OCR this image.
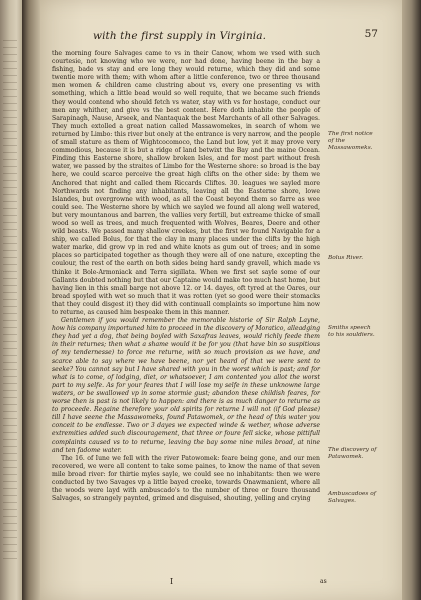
with the first supply in Virginia.	57

the morning foure Salvages came to vs in their Canow, whom we vsed with such courtesie, not knowing who we were, nor had done, having beene in the bay a fishing, bade vs stay and ere long they would returne, which they did and some twentie more with them; with whom after a little conference, two or three thousand men women & children came clustring about vs, every one presenting vs with something, which a little bead would so well requite, that we became such friends they would contend who should fetch vs water, stay with vs for hostage, conduct our men any whither, and give vs the best content. Here doth inhabite the people of Sarapinagh, Nause, Arseek, and Nantaquak the best Marchants of all other Salvages. They much extolled a great nation called Massawomekes, in search of whom we returned by Limbo: this river but onely at the entrance is very narrow, and the people of small stature as them of Wightcocomoco, the Land but low, yet it may prove very commodious, because it is but a ridge of land betwixt the Bay and the maine Ocean. Finding this Easterne shore, shallow broken Isles, and for most part without fresh water, we passed by the straites of Limbo for the Westerne shore: so broad is the bay here, we could scarce perceive the great high clifts on the other side: by them we Anchored that night and called them Riccards Cliftes. 30. leagues we sayled more Northwards not finding any inhabitants, leaving all the Easterne shore, lowe Islandes, but overgrowne with wood, as all the Coast beyond them so farre as wee could see. The Westerne shore by which we sayled we found all along well watered, but very mountanous and barren, the vallies very fertill, but extreame thicke of small wood so well as trees, and much frequented with Wolves, Beares, Deere and other wild beasts. We passed many shallow creekes, but the first we found Navigable for a ship, we called Bolus, for that the clay in many places under the clifts by the high water marke, did grow vp in red and white knots as gum out of trees; and in some places so participated together as though they were all of one nature, excepting the coulour, the rest of the earth on both sides being hard sandy gravell, which made vs thinke it Bole-Armoniack and Terra sigillata. When we first set sayle some of our Gallants doubted nothing but that our Captaine would make too much hast home, but having lien in this small barge not above 12. or 14. dayes, oft tyred at the Oares, our bread spoyled with wet so much that it was rotten (yet so good were their stomacks that they could disgest it) they did with continuall complaints so importune him now to returne, as caused him bespeake them in this manner.

Gentlemen if you would remember the memorable historie of Sir Ralph Layne, how his company importuned him to proceed in the discovery of Moratico, alleadging they had yet a dog, that being boyled with Saxafras leaves, would richly feede them in their returnes; then what a shame would it be for you (that have bin so suspitious of my tendernesse) to force me returne, with so much provision as we have, and scarce able to say where we have beene, nor yet heard of that we were sent to seeke? You cannot say but I have shared with you in the worst which is past; and for what is to come, of lodging, diet, or whatsoever, I am contented you allot the worst part to my selfe. As for your feares that I will lose my selfe in these unknowne large waters, or be swallowed vp in some stormie gust; abandon these childish feares, for worse then is past is not likely to happen: and there is as much danger to returne as to proceede. Regaine therefore your old spirits for returne I will not (if God please) till I have seene the Massawomeks, found Patawomek, or the head of this water you conceit to be endlesse. Two or 3 dayes we expected winde & wether, whose adverse extremities added such discouragement, that three or foure fell sicke, whose pittifull complaints caused vs to to returne, leaving the bay some nine miles broad, at nine and ten fadome water.

The 16. of Iune we fell with the river Patowomek: feare being gone, and our men recovered, we were all content to take some paines, to know the name of that seven mile broad river: for thirtie myles sayle, we could see no inhabitants: then we were conducted by two Savages vp a little bayed creeke, towards Onawmanient, where all the woods were layd with ambuscado's to the number of three or foure thousand Salvages, so strangely paynted, grimed and disguised, shouting, yelling and crying

The first notice of the Massawomeks.
Bolus River.
Smiths speech to his souldiers.
The discovery of Patawomek.
Ambuscadoes of Salvages.
I	as
